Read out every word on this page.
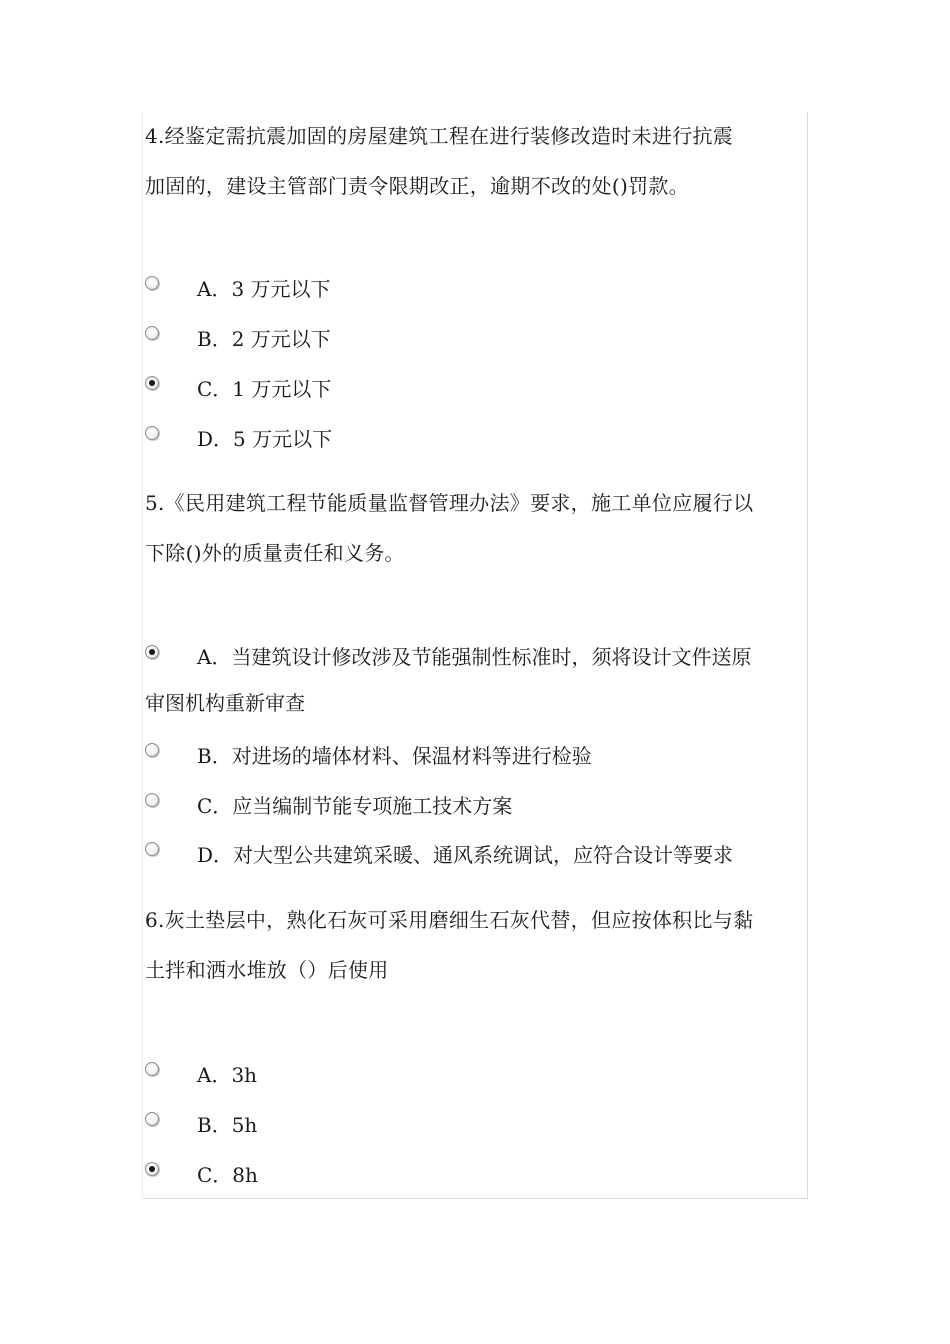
4.经鉴定需抗震加固的房屋建筑工程在进行装修改造时未进行抗震
加固的，建设主管部门责令限期改正，逾期不改的处()罚款。
A．3 万元以下
B．2 万元以下
C．1 万元以下
D．5 万元以下
5.《民用建筑工程节能质量监督管理办法》要求，施工单位应履行以
下除()外的质量责任和义务。
A．当建筑设计修改涉及节能强制性标准时，须将设计文件送原
审图机构重新审查
B．对进场的墙体材料、保温材料等进行检验
C．应当编制节能专项施工技术方案
D．对大型公共建筑采暖、通风系统调试，应符合设计等要求
6.灰土垫层中，熟化石灰可采用磨细生石灰代替，但应按体积比与黏
土拌和洒水堆放（）后使用
A．3h
B．5h
C．8h
